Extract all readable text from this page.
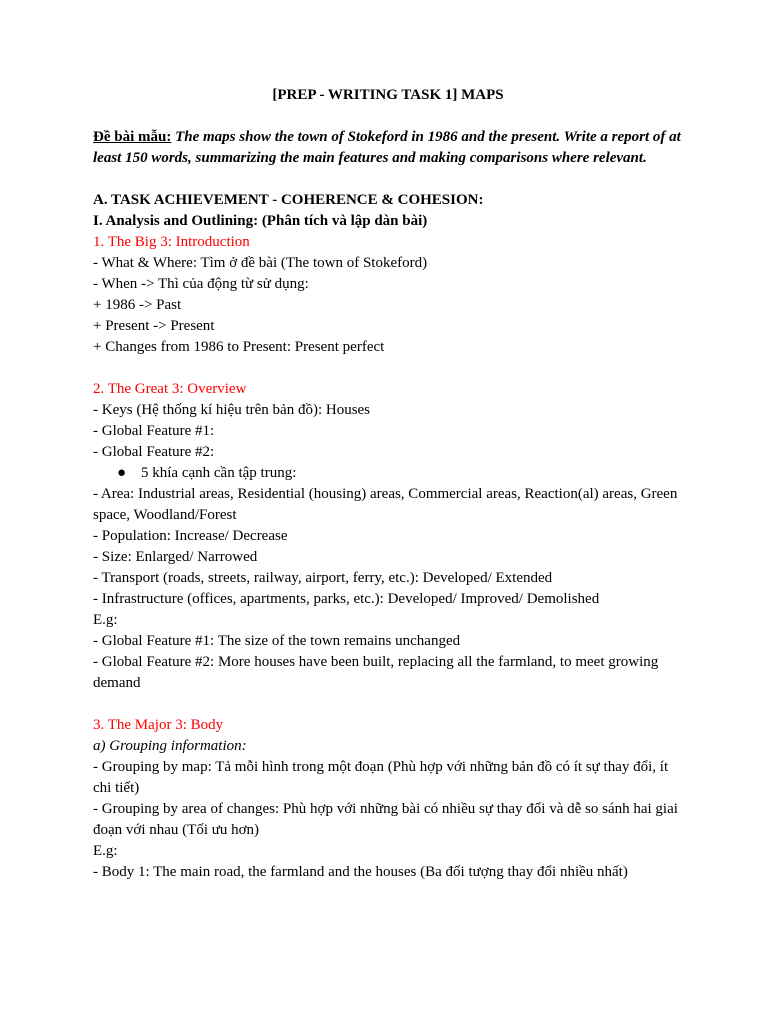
[PREP - WRITING TASK 1] MAPS

Đề bài mẫu: The maps show the town of Stokeford in 1986 and the present. Write a report of at least 150 words, summarizing the main features and making comparisons where relevant.

A. TASK ACHIEVEMENT - COHERENCE & COHESION:

I. Analysis and Outlining: (Phân tích và lập dàn bài)

1. The Big 3: Introduction

- What & Where: Tìm ở đề bài (The town of Stokeford)

- When -> Thì của động từ sử dụng:

+ 1986 -> Past

+ Present -> Present

+ Changes from 1986 to Present: Present perfect

2. The Great 3: Overview

- Keys (Hệ thống kí hiệu trên bản đồ): Houses

- Global Feature #1:

- Global Feature #2:

● 5 khía cạnh cần tập trung:

- Area: Industrial areas, Residential (housing) areas, Commercial areas, Reaction(al) areas, Green space, Woodland/Forest

- Population: Increase/ Decrease

- Size: Enlarged/ Narrowed

- Transport (roads, streets, railway, airport, ferry, etc.): Developed/ Extended

- Infrastructure (offices, apartments, parks, etc.): Developed/ Improved/ Demolished

E.g:

- Global Feature #1: The size of the town remains unchanged

- Global Feature #2: More houses have been built, replacing all the farmland, to meet growing demand

3. The Major 3: Body

a) Grouping information:

- Grouping by map: Tả mỗi hình trong một đoạn (Phù hợp với những bản đồ có ít sự thay đổi, ít chi tiết)

- Grouping by area of changes: Phù hợp với những bài có nhiều sự thay đổi và dễ so sánh hai giai đoạn với nhau (Tối ưu hơn)

E.g:

- Body 1: The main road, the farmland and the houses (Ba đối tượng thay đổi nhiều nhất)
